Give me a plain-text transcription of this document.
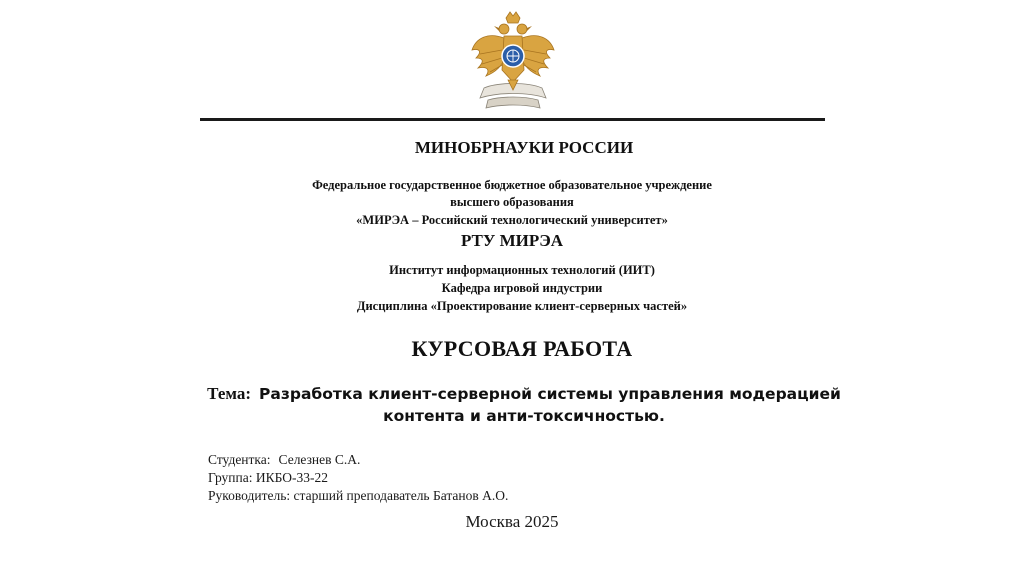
МИНОБРНАУКИ РОССИИ
Федеральное государственное бюджетное образовательное учреждение
высшего образования
«МИРЭА – Российский технологический университет»
РТУ МИРЭА
Институт информационных технологий (ИИТ)
Кафедра игровой индустрии
Дисциплина «Проектирование клиент-серверных частей»
КУРСОВАЯ РАБОТА
Тема: Разработка клиент-серверной системы управления модерацией
контента и анти-токсичностью.
Студентка: Селезнев С.А.
Группа: ИКБО-33-22
Руководитель: старший преподаватель Батанов А.О.
Москва 2025
